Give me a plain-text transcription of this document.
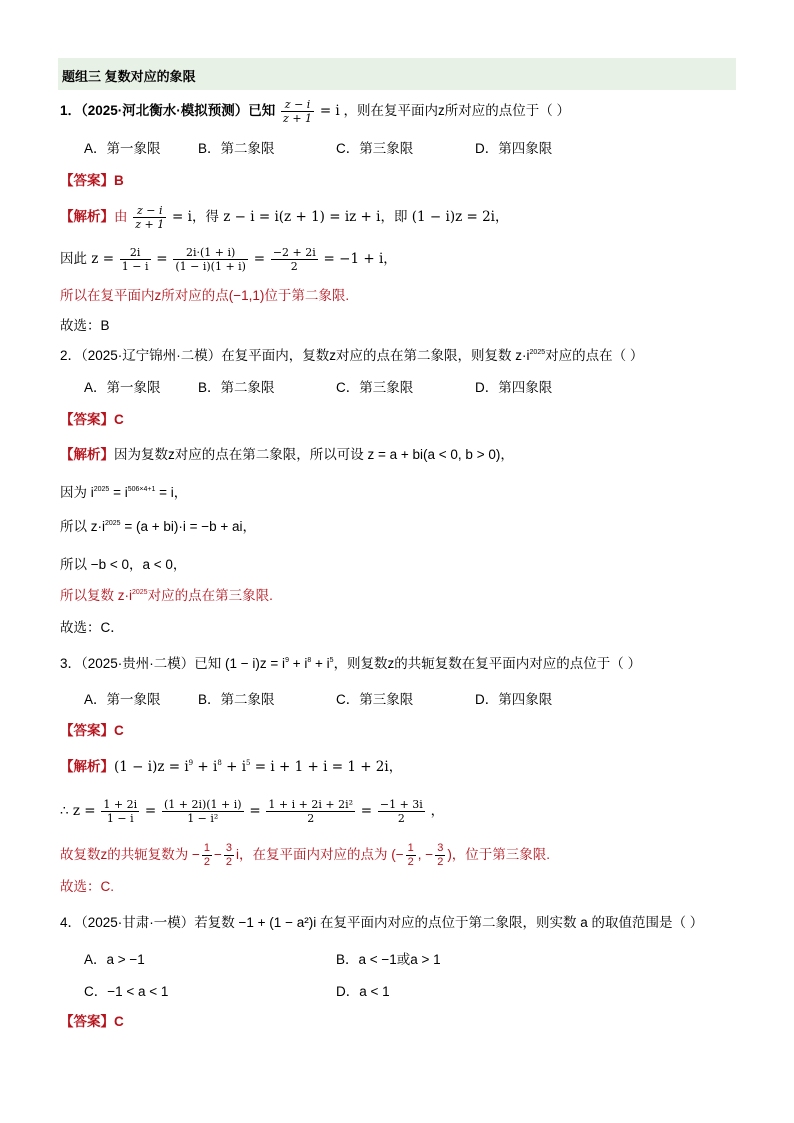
题组三 复数对应的象限
1．（2025·河北衡水·模拟预测）已知 $\frac{z - i}{z + 1} = i$ ，则在复平面内z所对应的点位于（ ）
A．第一象限	B．第二象限	C．第三象限	D．第四象限
【答案】B
【解析】由 $\frac{z - i}{z + 1} = i$，得 z − i = i(z + 1) = iz + i，即 (1 − i)z = 2i，
因此 $z = \frac{2i}{1 - i} = \frac{2i\cdot(1 + i)}{(1 - i)(1 + i)} = \frac{-2 + 2i}{2} = -1 + i$，
所以在复平面内z所对应的点(−1,1)位于第二象限.
故选：B
2．（2025·辽宁锦州·二模）在复平面内，复数z对应的点在第二象限，则复数 $z\cdot i^{2025}$对应的点在（ ）
A．第一象限	B．第二象限	C．第三象限	D．第四象限
【答案】C
【解析】因为复数z对应的点在第二象限，所以可设 z = a + bi(a < 0, b > 0)，
因为 $i^{2025} = i^{506\times 4+1} = i$，
所以 $z\cdot i^{2025} = (a + bi)\cdot i = -b$ + ai，
所以 −b < 0，a < 0，
所以复数 $z\cdot i^{2025}$对应的点在第三象限.
故选：C．
3．（2025·贵州·二模）已知 $(1 - i)z = i^9 + i^8 + i^5$，则复数z的共轭复数在复平面内对应的点位于（ ）
A．第一象限	B．第二象限	C．第三象限	D．第四象限
【答案】C
【解析】$(1 - i)z = i^9 + i^8 + i^5 = i + 1 + i = 1 + 2i$，
∴ $z = \frac{1 + 2i}{1 - i} = \frac{(1 + 2i)(1 + i)}{\text{1 − i²}} = \frac{\text{1 + i + 2i + 2i²}}{2} = \frac{-1 + 3i}{2}$ ，
故复数z的共轭复数为 − $\frac{1}{2} - \frac{3}{2}$ i，在复平面内对应的点为 (− $\frac{1}{2}$ , − $\frac{3}{2}$ )，位于第三象限.
故选：C.
4．（2025·甘肃·一模）若复数 −1 + (1 − a²)i 在复平面内对应的点位于第二象限，则实数 a 的取值范围是（ ）
A．a > −1	B．a < −1或a > 1
C．−1 < a < 1	D．a < 1
【答案】C
